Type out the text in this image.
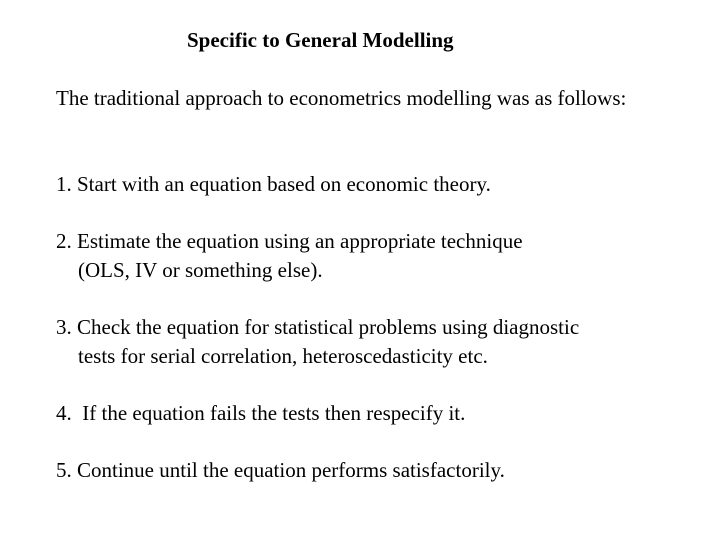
Specific to General Modelling
The traditional approach to econometrics modelling was as follows:
1. Start with an equation based on economic theory.
2. Estimate the equation using an appropriate technique
(OLS, IV or something else).
3. Check the equation for statistical problems using diagnostic
tests for serial correlation, heteroscedasticity etc.
4.  If the equation fails the tests then respecify it.
5. Continue until the equation performs satisfactorily.
